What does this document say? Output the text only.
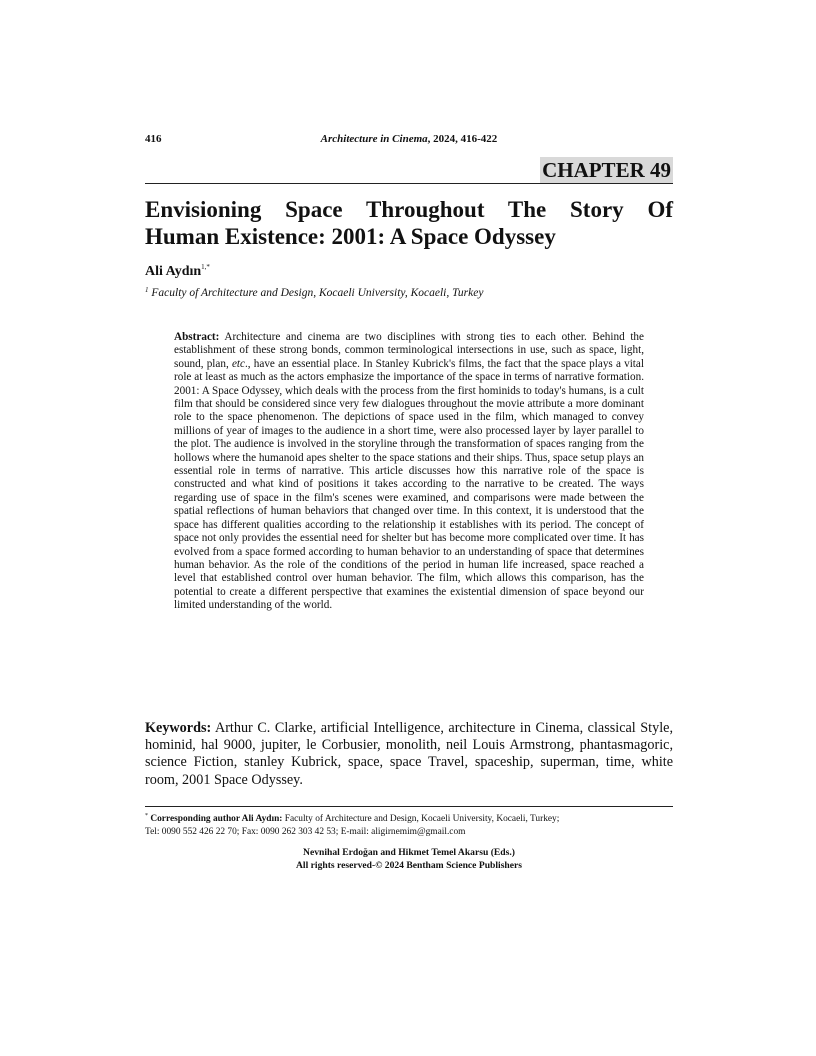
416	Architecture in Cinema, 2024, 416-422
CHAPTER 49
Envisioning Space Throughout The Story Of
Human Existence: 2001: A Space Odyssey
Ali Aydın$^{1,*}$
$^1$ Faculty of Architecture and Design, Kocaeli University, Kocaeli, Turkey

Abstract: Architecture and cinema are two disciplines with strong ties to each other. Behind the establishment of these strong bonds, common terminological intersections in use, such as space, light, sound, plan, etc., have an essential place. In Stanley Kubrick's films, the fact that the space plays a vital role at least as much as the actors emphasize the importance of the space in terms of narrative formation. 2001: A Space Odyssey, which deals with the process from the first hominids to today's humans, is a cult film that should be considered since very few dialogues throughout the movie attribute a more dominant role to the space phenomenon. The depictions of space used in the film, which managed to convey millions of year of images to the audience in a short time, were also processed layer by layer parallel to the plot. The audience is involved in the storyline through the transformation of spaces ranging from the hollows where the humanoid apes shelter to the space stations and their ships. Thus, space setup plays an essential role in terms of narrative. This article discusses how this narrative role of the space is constructed and what kind of positions it takes according to the narrative to be created. The ways regarding use of space in the film's scenes were examined, and comparisons were made between the spatial reflections of human behaviors that changed over time. In this context, it is understood that the space has different qualities according to the relationship it establishes with its period. The concept of space not only provides the essential need for shelter but has become more complicated over time. It has evolved from a space formed according to human behavior to an understanding of space that determines human behavior. As the role of the conditions of the period in human life increased, space reached a level that established control over human behavior. The film, which allows this comparison, has the potential to create a different perspective that examines the existential dimension of space beyond our limited understanding of the world.

Keywords: Arthur C. Clarke, artificial Intelligence, architecture in Cinema, classical Style, hominid, hal 9000, jupiter, le Corbusier, monolith, neil Louis Armstrong, phantasmagoric, science Fiction, stanley Kubrick, space, space Travel, spaceship, superman, time, white room, 2001 Space Odyssey.

* Corresponding author Ali Aydın: Faculty of Architecture and Design, Kocaeli University, Kocaeli, Turkey;
Tel: 0090 552 426 22 70; Fax: 0090 262 303 42 53; E-mail: aligirnemim@gmail.com

Nevnihal Erdoğan and Hikmet Temel Akarsu (Eds.)
All rights reserved-© 2024 Bentham Science Publishers
